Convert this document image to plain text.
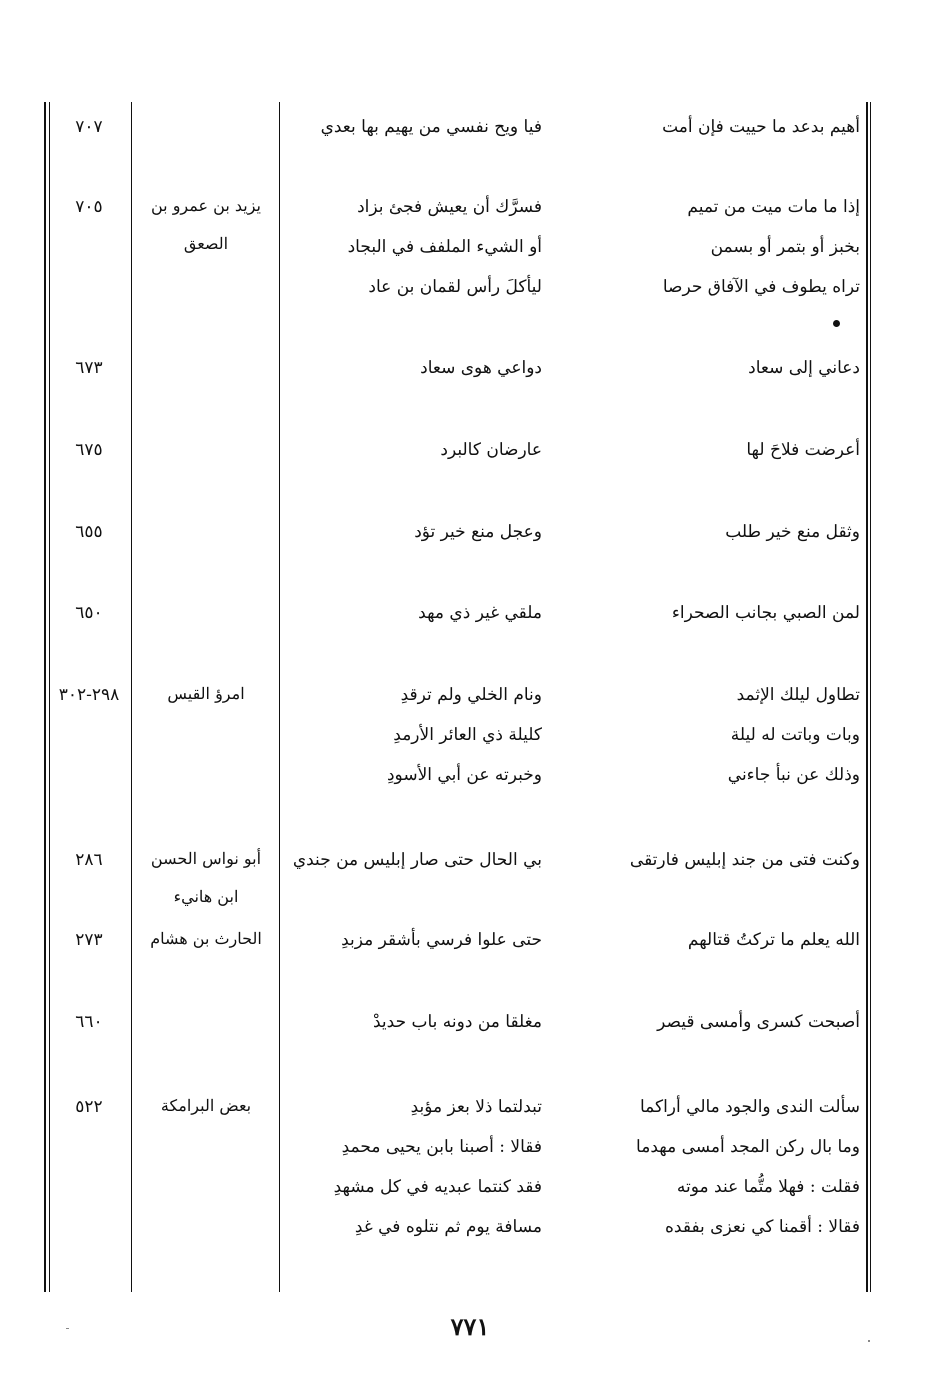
أهيم بدعد ما حييت فإن أمت
فيا ويح نفسي من يهيم بها بعدي
٧٠٧
إذا ما مات ميت من تميم
فسرَّك أن يعيش فجئ بزاد
بخبز أو بتمر أو بسمن
أو الشيء الملفف في البجاد
تراه يطوف في الآفاق حرصا
ليأكلَ رأس لقمان بن عاد
يزيد بن عمرو بن
الصعق
٧٠٥
دعاني إلى سعاد
دواعي هوى سعاد
٦٧٣
أعرضت فلاحَ لها
عارضان كالبرد
٦٧٥
وثقل منع خير طلب
وعجل منع خير تؤد
٦٥٥
لمن الصبي بجانب الصحراء
ملقي غير ذي مهد
٦٥٠
تطاول ليلك الإثمد
ونام الخلي ولم ترقدِ
وبات وباتت له ليلة
كليلة ذي العائر الأرمدِ
وذلك عن نبأ جاءني
وخبرته عن أبي الأسودِ
امرؤ القيس
٢٩٨-٣٠٢
وكنت فتى من جند إبليس فارتقى
بي الحال حتى صار إبليس من جندي
أبو نواس الحسن
ابن هانيء
٢٨٦
الله يعلم ما تركتُ قتالهم
حتى علوا فرسي بأشقر مزبدِ
الحارث بن هشام
٢٧٣
أصبحت كسرى وأمسى قيصر
مغلقا من دونه باب حديدْ
٦٦٠
سألت الندى والجود مالي أراكما
تبدلتما ذلا بعز مؤبدِ
وما بال ركن المجد أمسى مهدما
فقالا : أصبنا بابن يحيى محمدِ
فقلت : فهلا متُّما عند موته
فقد كنتما عبديه في كل مشهدِ
فقالا : أقمنا كي نعزى بفقده
مسافة يوم ثم نتلوه في غدِ
بعض البرامكة
٥٢٢
٧٧١
